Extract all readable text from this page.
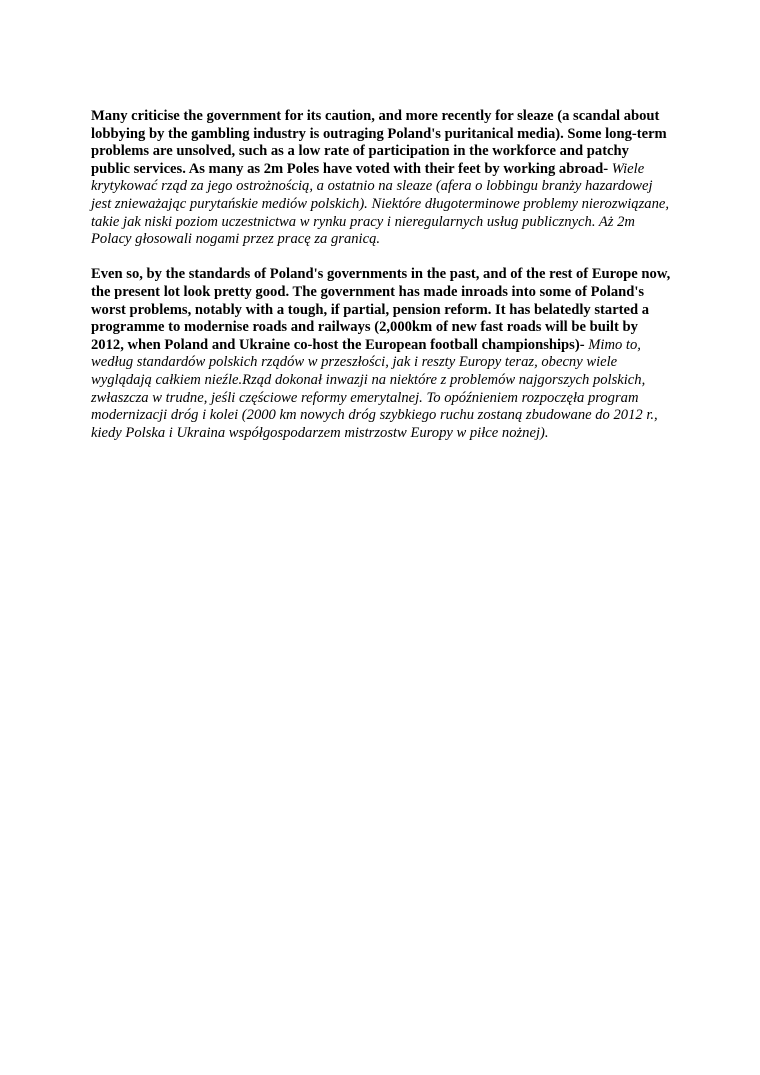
Many criticise the government for its caution, and more recently for sleaze (a scandal about lobbying by the gambling industry is outraging Poland's puritanical media). Some long-term problems are unsolved, such as a low rate of participation in the workforce and patchy public services. As many as 2m Poles have voted with their feet by working abroad- Wiele krytykować rząd za jego ostrożnością, a ostatnio na sleaze (afera o lobbingu branży hazardowej jest znieważając purytańskie mediów polskich). Niektóre długoterminowe problemy nierozwiązane, takie jak niski poziom uczestnictwa w rynku pracy i nieregularnych usług publicznych. Aż 2m Polacy głosowali nogami przez pracę za granicą.

Even so, by the standards of Poland's governments in the past, and of the rest of Europe now, the present lot look pretty good. The government has made inroads into some of Poland's worst problems, notably with a tough, if partial, pension reform. It has belatedly started a programme to modernise roads and railways (2,000km of new fast roads will be built by 2012, when Poland and Ukraine co-host the European football championships)- Mimo to, według standardów polskich rządów w przeszłości, jak i reszty Europy teraz, obecny wiele wyglądają całkiem nieźle.Rząd dokonał inwazji na niektóre z problemów najgorszych polskich, zwłaszcza w trudne, jeśli częściowe reformy emerytalnej. To opóźnieniem rozpoczęła program modernizacji dróg i kolei (2000 km nowych dróg szybkiego ruchu zostaną zbudowane do 2012 r., kiedy Polska i Ukraina współgospodarzem mistrzostw Europy w piłce nożnej).
